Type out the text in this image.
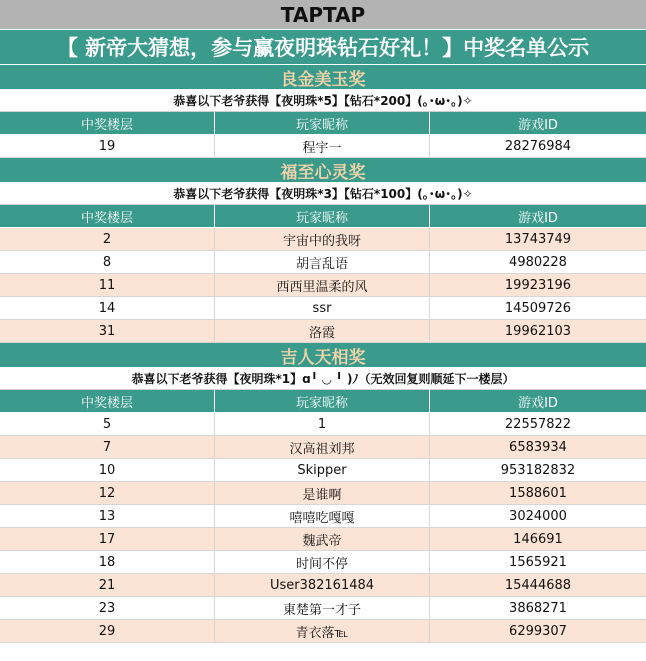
TAPTAP
【 新帝大猜想，参与赢夜明珠钻石好礼！】中奖名单公示
良金美玉奖
恭喜以下老爷获得【夜明珠*5】【钻石*200】(｡･ω･｡)✧
中奖楼层	玩家昵称	游戏ID
19	程宇一	28276984
福至心灵奖
恭喜以下老爷获得【夜明珠*3】【钻石*100】(｡･ω･｡)✧
中奖楼层	玩家昵称	游戏ID
2	宇宙中的我呀	13743749
8	胡言乱语	4980228
11	西西里温柔的风	19923196
14	ssr	14509726
31	洛霞	19962103
吉人天相奖
恭喜以下老爷获得【夜明珠*1】ɑ╹ ◡ ╹ )ﾉ（无效回复则顺延下一楼层）
中奖楼层	玩家昵称	游戏ID
5	1	22557822
7	汉高祖刘邦	6583934
10	Skipper	953182832
12	是谁啊	1588601
13	嘻嘻吃嘎嘎	3024000
17	魏武帝	146691
18	时间不停	1565921
21	User382161484	15444688
23	東楚第一才子	3868271
29	青衣落℡	6299307
